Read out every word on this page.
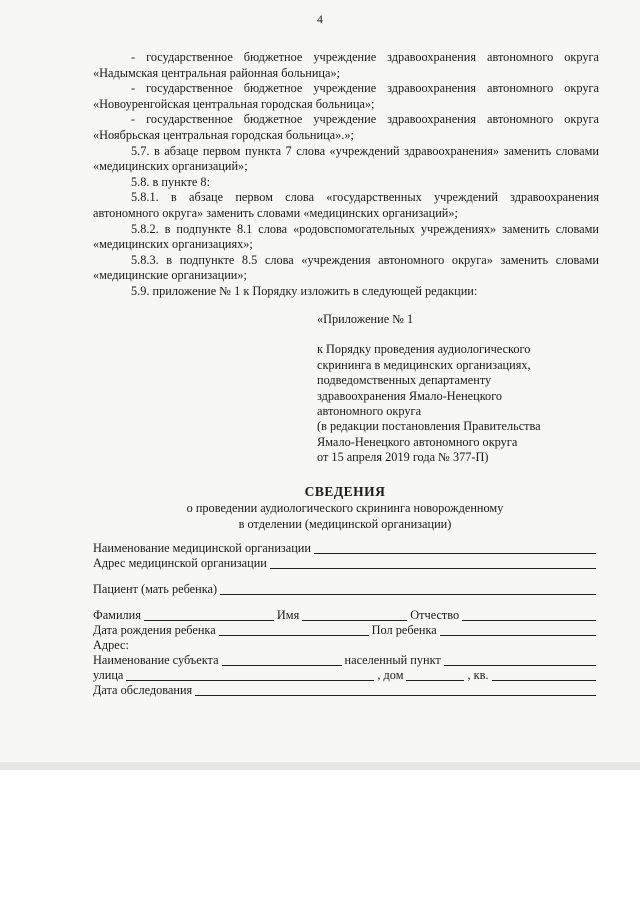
4

- государственное бюджетное учреждение здравоохранения автономного округа «Надымская центральная районная больница»;

- государственное бюджетное учреждение здравоохранения автономного округа «Новоуренгойская центральная городская больница»;

- государственное бюджетное учреждение здравоохранения автономного округа «Ноябрьская центральная городская больница».»;

5.7. в абзаце первом пункта 7 слова «учреждений здравоохранения» заменить словами «медицинских организаций»;

5.8. в пункте 8:

5.8.1. в абзаце первом слова «государственных учреждений здравоохранения автономного округа» заменить словами «медицинских организаций»;

5.8.2. в подпункте 8.1 слова «родовспомогательных учреждениях» заменить словами «медицинских организациях»;

5.8.3. в подпункте 8.5 слова «учреждения автономного округа» заменить словами «медицинские организации»;

5.9. приложение № 1 к Порядку изложить в следующей редакции:

«Приложение № 1
к Порядку проведения аудиологического
скрининга в медицинских организациях,
подведомственных департаменту
здравоохранения Ямало-Ненецкого
автономного округа
(в редакции постановления Правительства
Ямало-Ненецкого автономного округа
от 15 апреля 2019 года № 377-П)
СВЕДЕНИЯ
о проведении аудиологического скрининга новорожденному
в отделении (медицинской организации)
Наименование медицинской организации
Адрес медицинской организации
Пациент (мать ребенка)
Фамилия	Имя	Отчество
Дата рождения ребенка	Пол ребенка
Адрес:
Наименование субъекта	населенный пункт
улица	, дом	, кв.
Дата обследования
